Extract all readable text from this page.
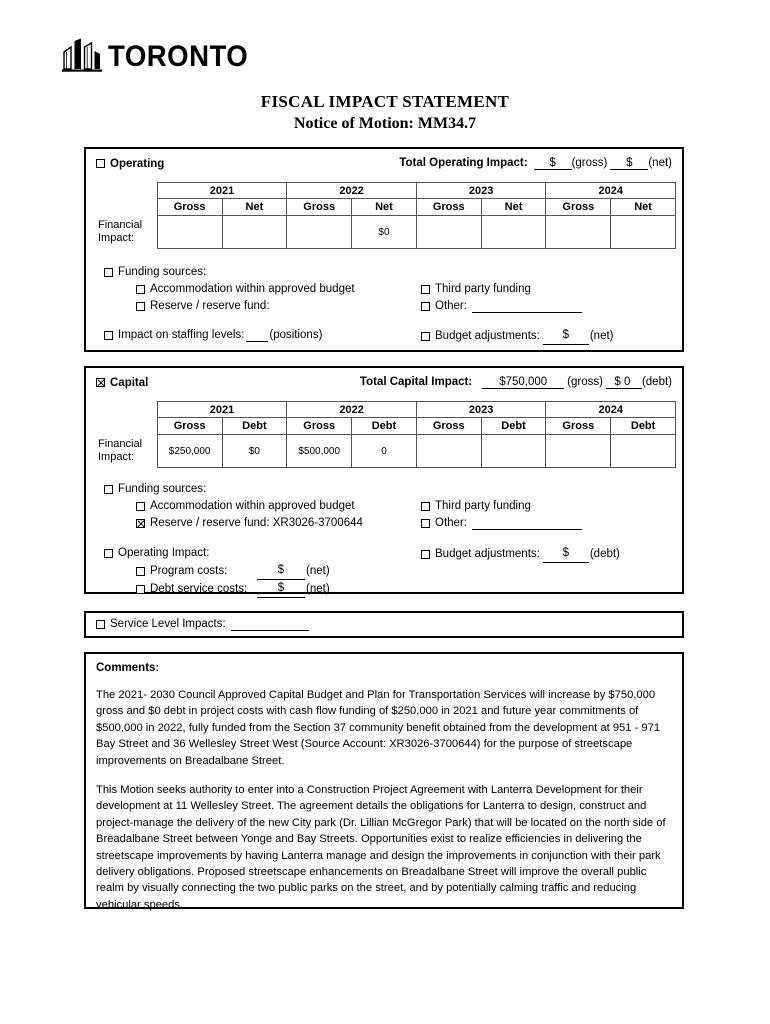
TORONTO
FISCAL IMPACT STATEMENT
Notice of Motion: MM34.7
Operating	Total Operating Impact:	$	(gross)	$	(net)
	2021		2022		2023		2024	
	Gross	Net	Gross	Net	Gross	Net	Gross	Net
Financial Impact:				$0				
Funding sources:
Accommodation within approved budget
Reserve / reserve fund:
Third party funding
Other:
Impact on staffing levels: (positions)	Budget adjustments:	$	(net)
Capital	Total Capital Impact:	$750,000	(gross) $ 0	(debt)
	2021		2022		2023		2024	
	Gross	Debt	Gross	Debt	Gross	Debt	Gross	Debt
Financial Impact:	$250,000	$0	$500,000	0				
Funding sources:
Accommodation within approved budget
Reserve / reserve fund: XR3026-3700644
Third party funding
Other:
Operating Impact:
Program costs:	$	(net)
Debt service costs:	$	(net)
Budget adjustments:	$	(debt)
Service Level Impacts:
Comments:

The 2021- 2030 Council Approved Capital Budget and Plan for Transportation Services will increase by $750,000 gross and $0 debt in project costs with cash flow funding of $250,000 in 2021 and future year commitments of $500,000 in 2022, fully funded from the Section 37 community benefit obtained from the development at 951 - 971 Bay Street and 36 Wellesley Street West (Source Account: XR3026-3700644) for the purpose of streetscape improvements on Breadalbane Street.

This Motion seeks authority to enter into a Construction Project Agreement with Lanterra Development for their development at 11 Wellesley Street. The agreement details the obligations for Lanterra to design, construct and project-manage the delivery of the new City park (Dr. Lillian McGregor Park) that will be located on the north side of Breadalbane Street between Yonge and Bay Streets. Opportunities exist to realize efficiencies in delivering the streetscape improvements by having Lanterra manage and design the improvements in conjunction with their park delivery obligations. Proposed streetscape enhancements on Breadalbane Street will improve the overall public realm by visually connecting the two public parks on the street, and by potentially calming traffic and reducing vehicular speeds.
